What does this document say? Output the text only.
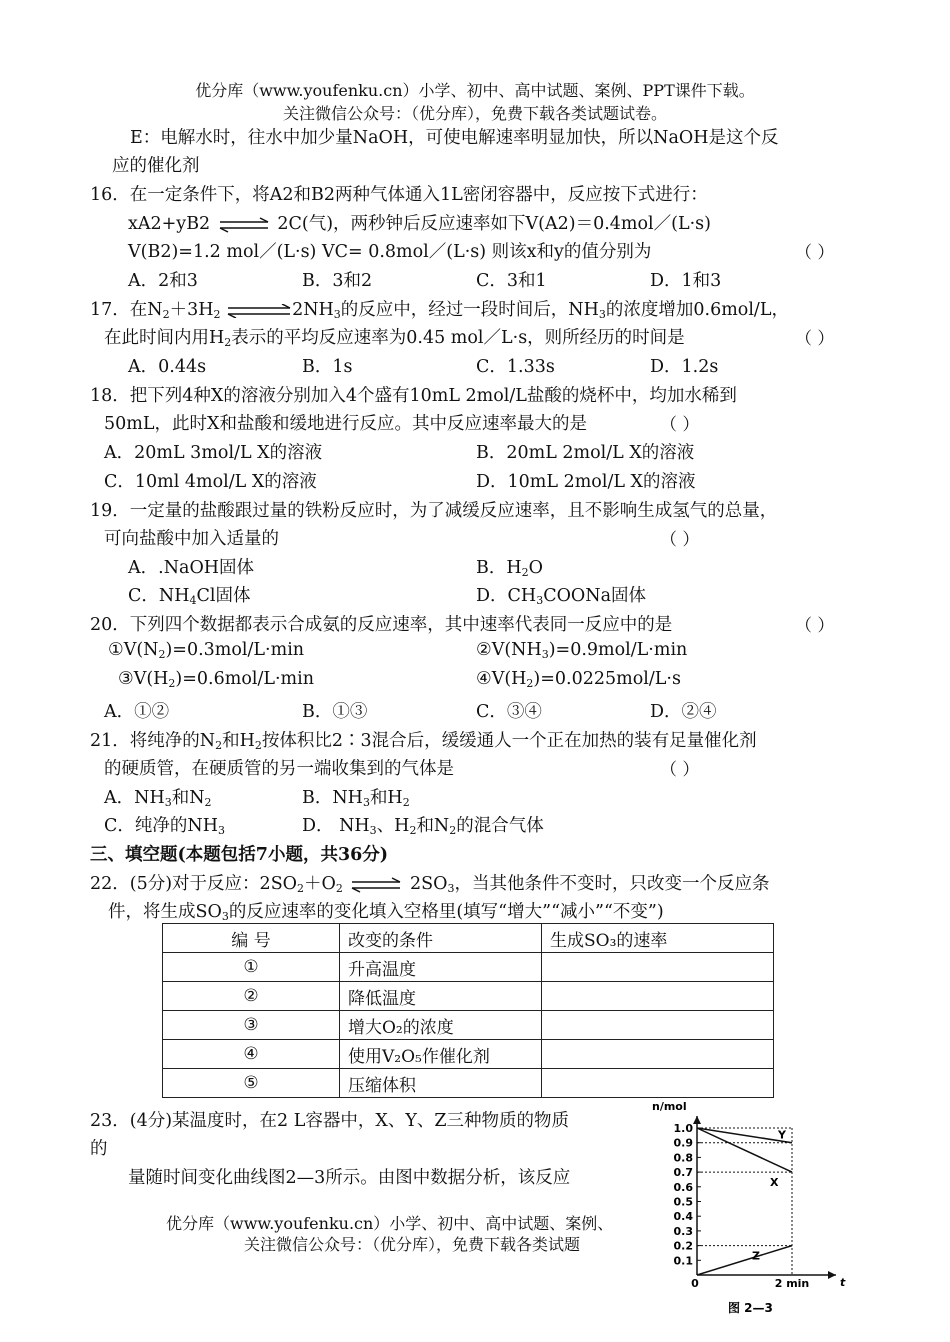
优分库（www.youfenku.cn）小学、初中、高中试题、案例、PPT课件下载。
关注微信公众号：（优分库），免费下载各类试题试卷。
E：电解水时，往水中加少量NaOH，可使电解速率明显加快，所以NaOH是这个反
应的催化剂
16．在一定条件下，将A2和B2两种气体通入1L密闭容器中，反应按下式进行：
xA2+yB2 ⇌ 2C(气)，两秒钟后反应速率如下V(A2)＝0.4mol／(L·s)
V(B2)=1.2 mol／(L·s) VC= 0.8mol／(L·s) 则该x和y的值分别为	（ ）
A．2和3	B．3和2	C．3和1	D．1和3
17．在$N_2+3H_2$ $\rightleftharpoons 2NH_3$的反应中，经过一段时间后，$NH_3$的浓度增加0.6mol/L，
在此时间内用$H_2$表示的平均反应速率为0.45 mol／L·s，则所经历的时间是	（ ）
A．0.44s	B．1s	C．1.33s	D．1.2s
18．把下列4种X的溶液分别加入4个盛有10mL 2mol/L盐酸的烧杯中，均加水稀到
50mL，此时X和盐酸和缓地进行反应。其中反应速率最大的是	（ ）
A．20mL 3mol/L X的溶液	B．20mL 2mol/L X的溶液
C．10ml 4mol/L X的溶液	D．10mL 2mol/L X的溶液
19．一定量的盐酸跟过量的铁粉反应时，为了减缓反应速率，且不影响生成氢气的总量，
可向盐酸中加入适量的	（ ）
A．.NaOH固体	B．$H_2O$
C．$NH_4Cl$固体	D．$CH_3COONa$固体
20．下列四个数据都表示合成氨的反应速率，其中速率代表同一反应中的是	（ ）
$①V(N_2)=0.3mol/L\cdot\min$	$②V(NH_3)=0.9mol/L\cdot\min$
$③V(H_2)=0.6mol/L\cdot\min$	$④V(H_2)=0.0225mol/L\cdot s$
A．①②	B．①③	C．③④	D．②④
21．将纯净的$N_2$和$H_2$按体积比2∶3混合后，缓缓通人一个正在加热的装有足量催化剂
的硬质管，在硬质管的另一端收集到的气体是	（ ）
A．$NH_3$和$N_2$	B．$NH_3$和$H_2$
C．纯净的$NH_3$	D． $NH_3$、$H_2$和$N_2$的混合气体
三、填空题(本题包括7小题，共36分)
22．(5分)对于反应：$2SO_2+O_2$ ⇌ $2SO_3$，当其他条件不变时，只改变一个反应条
件，将生成$SO_3$的反应速率的变化填入空格里(填写“增大”“减小”“不变”)
编 号	改变的条件	生成SO₃的速率
①	升高温度	
②	降低温度	
③	增大O₂的浓度	
④	使用V₂O₅作催化剂	
⑤	压缩体积	
23．(4分)某温度时，在2 L容器中，X、Y、Z三种物质的物质
的
量随时间变化曲线图2—3所示。由图中数据分析，该反应
1.0
0.9
0.8
0.7
0.6
0.5
0.4
0.3
0.2
0.1
0	2 min
Y
X
Z
n/mol
t
图 2—3
优分库（www.youfenku.cn）小学、初中、高中试题、案例、
关注微信公众号：（优分库），免费下载各类试题
